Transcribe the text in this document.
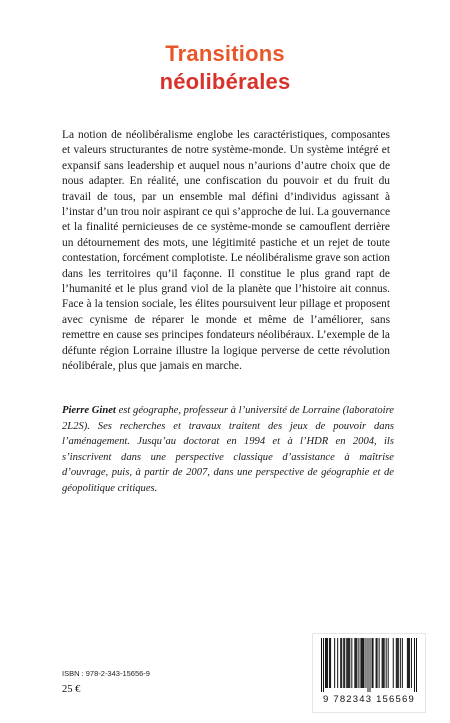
Transitions
néolibérales

La notion de néolibéralisme englobe les caractéristiques, composantes et valeurs structurantes de notre système-monde. Un système intégré et expansif sans leadership et auquel nous n’aurions d’autre choix que de nous adapter. En réalité, une confiscation du pouvoir et du fruit du travail de tous, par un ensemble mal défini d’individus agissant à l’instar d’un trou noir aspirant ce qui s’approche de lui. La gouvernance et la finalité pernicieuses de ce système-monde se camouflent derrière un détournement des mots, une légitimité pastiche et un rejet de toute contestation, forcément complotiste. Le néolibéralisme grave son action dans les territoires qu’il façonne. Il constitue le plus grand rapt de l’humanité et le plus grand viol de la planète que l’histoire ait connus. Face à la tension sociale, les élites poursuivent leur pillage et proposent avec cynisme de réparer le monde et même de l’améliorer, sans remettre en cause ses principes fondateurs néolibéraux. L’exemple de la défunte région Lorraine illustre la logique perverse de cette révolution néolibérale, plus que jamais en marche.

Pierre Ginet est géographe, professeur à l’université de Lorraine (laboratoire 2L2S). Ses recherches et travaux traitent des jeux de pouvoir dans l’aménagement. Jusqu’au doctorat en 1994 et à l’HDR en 2004, ils s’inscrivent dans une perspective classique d’assistance à maîtrise d’ouvrage, puis, à partir de 2007, dans une perspective de géographie et de géopolitique critiques.

ISBN : 978-2-343-15656-9
25 €
9 782343 156569
